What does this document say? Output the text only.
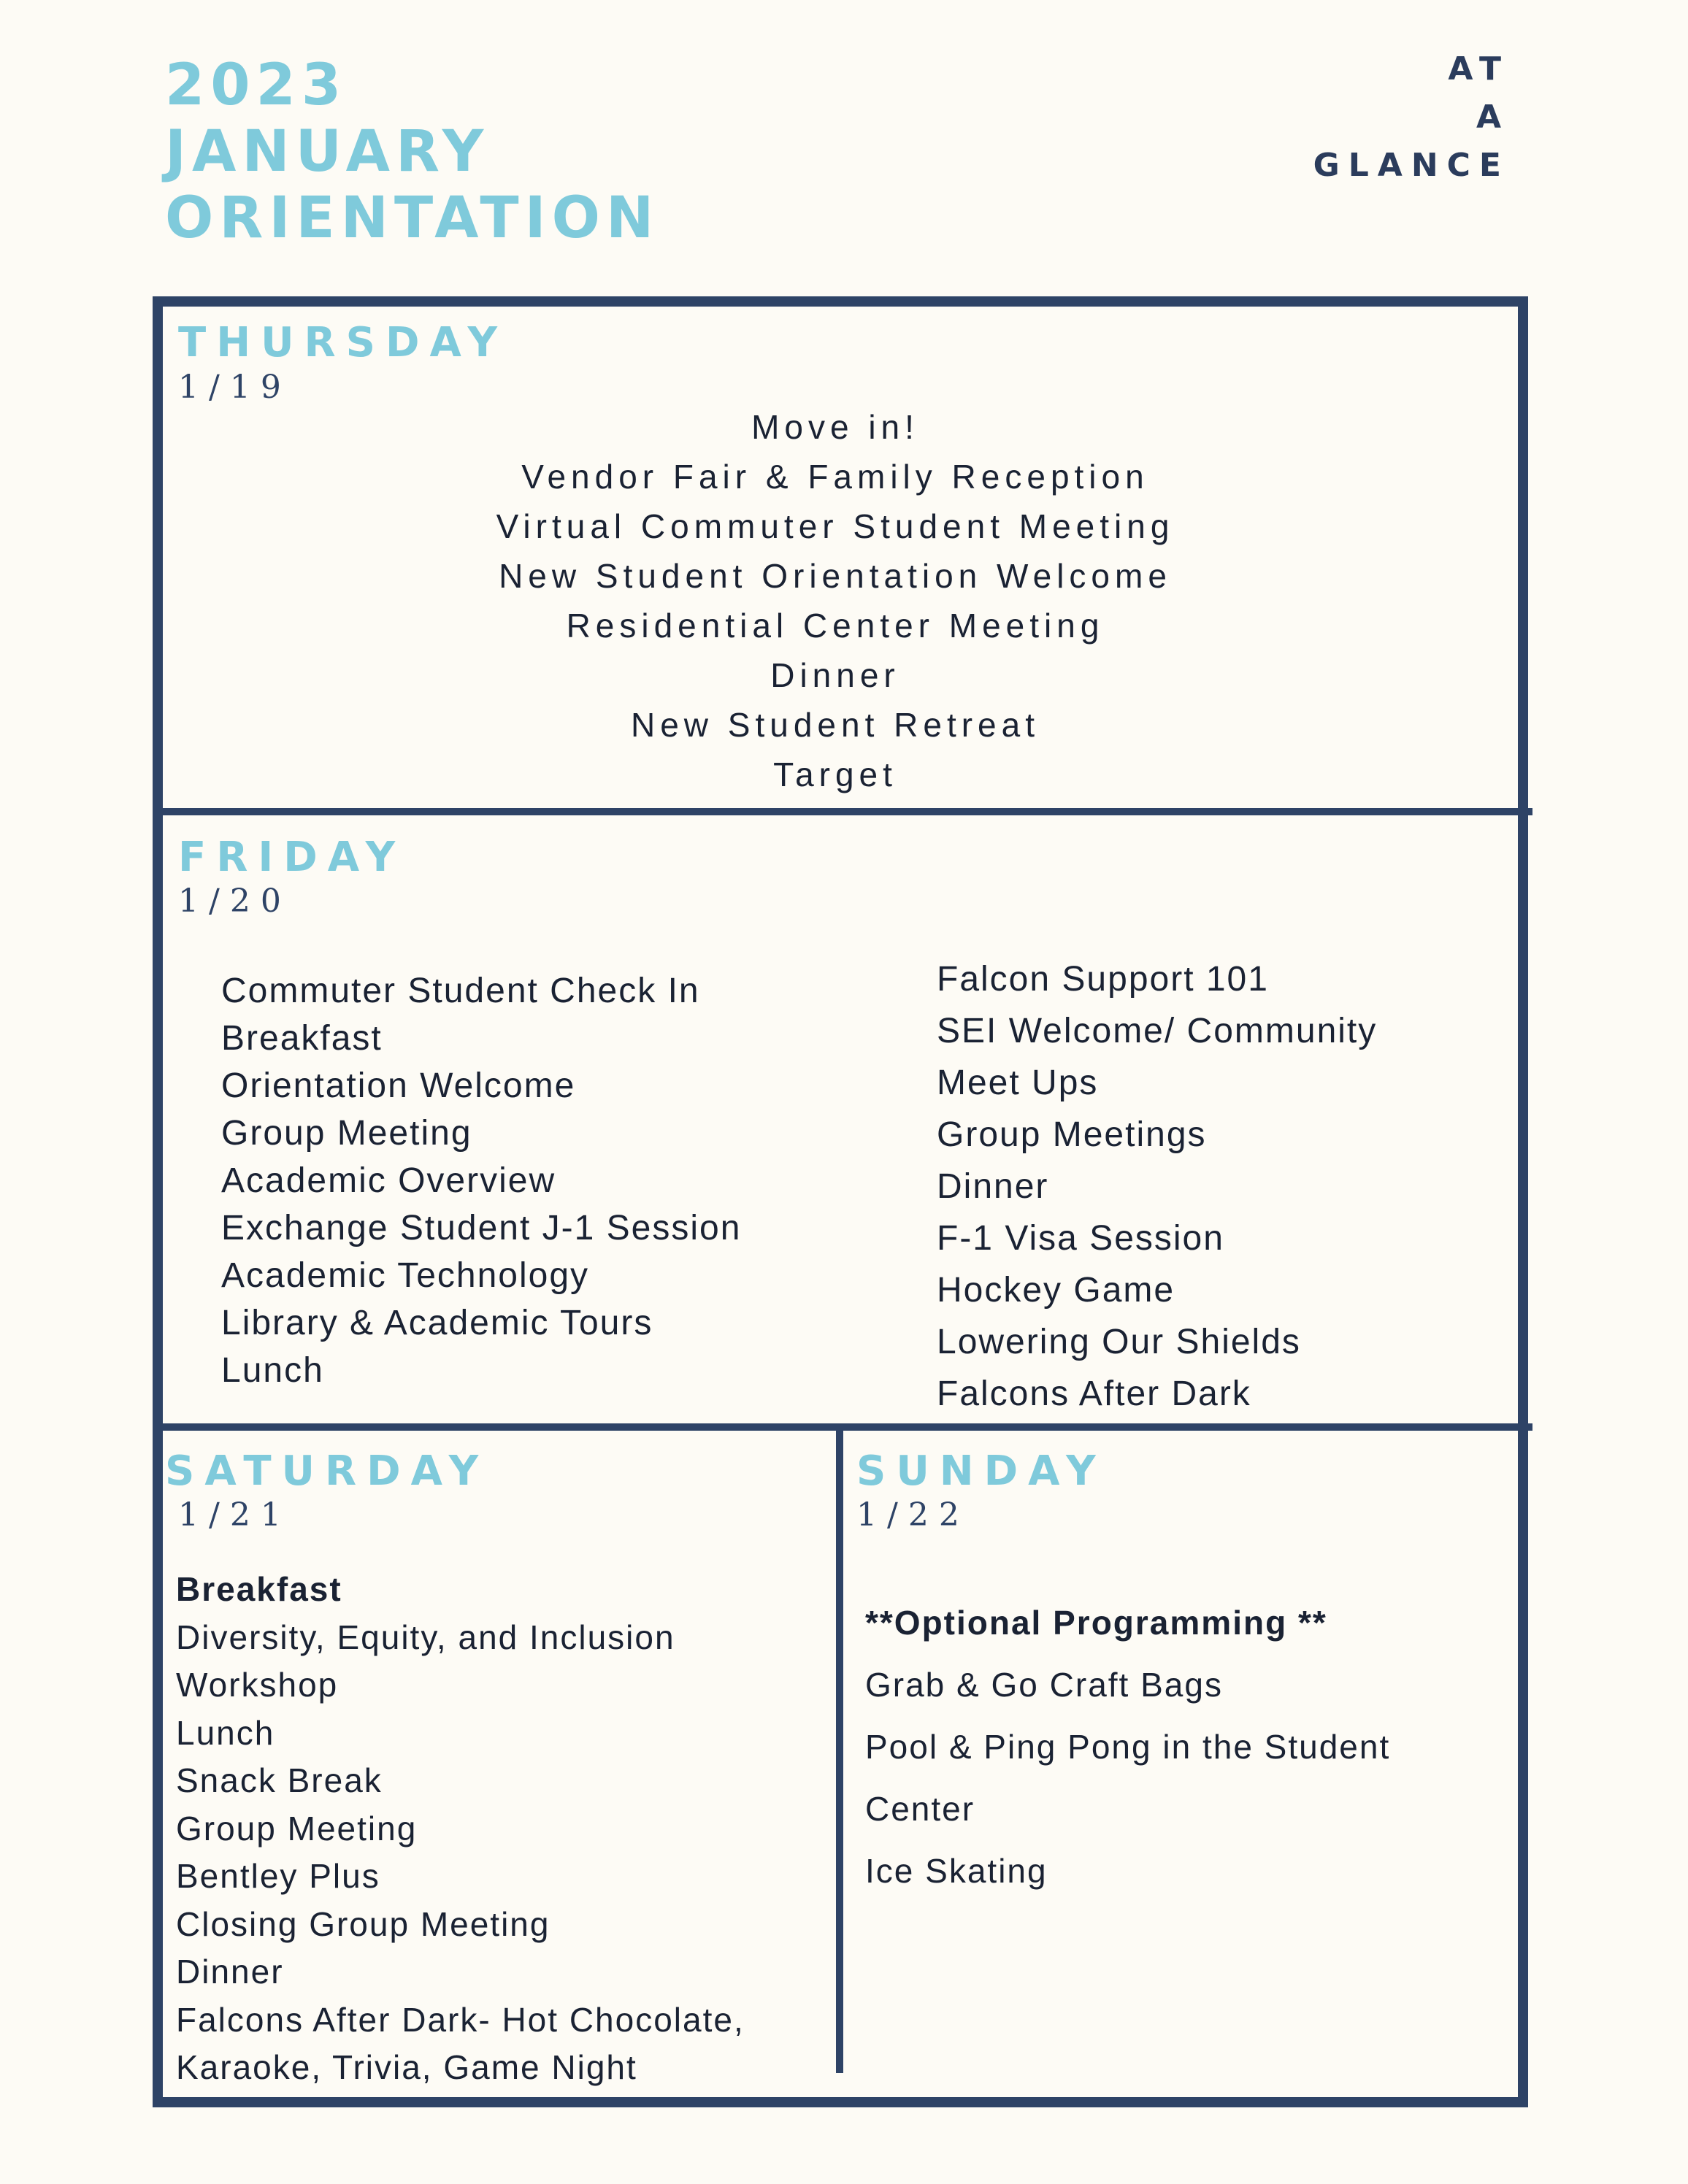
2023
JANUARY
ORIENTATION
AT
A
GLANCE
THURSDAY
1/19
Move in!
Vendor Fair & Family Reception
Virtual Commuter Student Meeting
New Student Orientation Welcome
Residential Center Meeting
Dinner
New Student Retreat
Target
FRIDAY
1/20
Commuter Student Check In
Breakfast
Orientation Welcome
Group Meeting
Academic Overview
Exchange Student J-1 Session
Academic Technology
Library & Academic Tours
Lunch
Falcon Support 101
SEI Welcome/ Community
Meet Ups
Group Meetings
Dinner
F-1 Visa Session
Hockey Game
Lowering Our Shields
Falcons After Dark
SATURDAY
1/21
Breakfast
Diversity, Equity, and Inclusion
Workshop
Lunch
Snack Break
Group Meeting
Bentley Plus
Closing Group Meeting
Dinner
Falcons After Dark- Hot Chocolate,
Karaoke, Trivia, Game Night
SUNDAY
1/22
**Optional Programming **
Grab & Go Craft Bags
Pool & Ping Pong in the Student
Center
Ice Skating
